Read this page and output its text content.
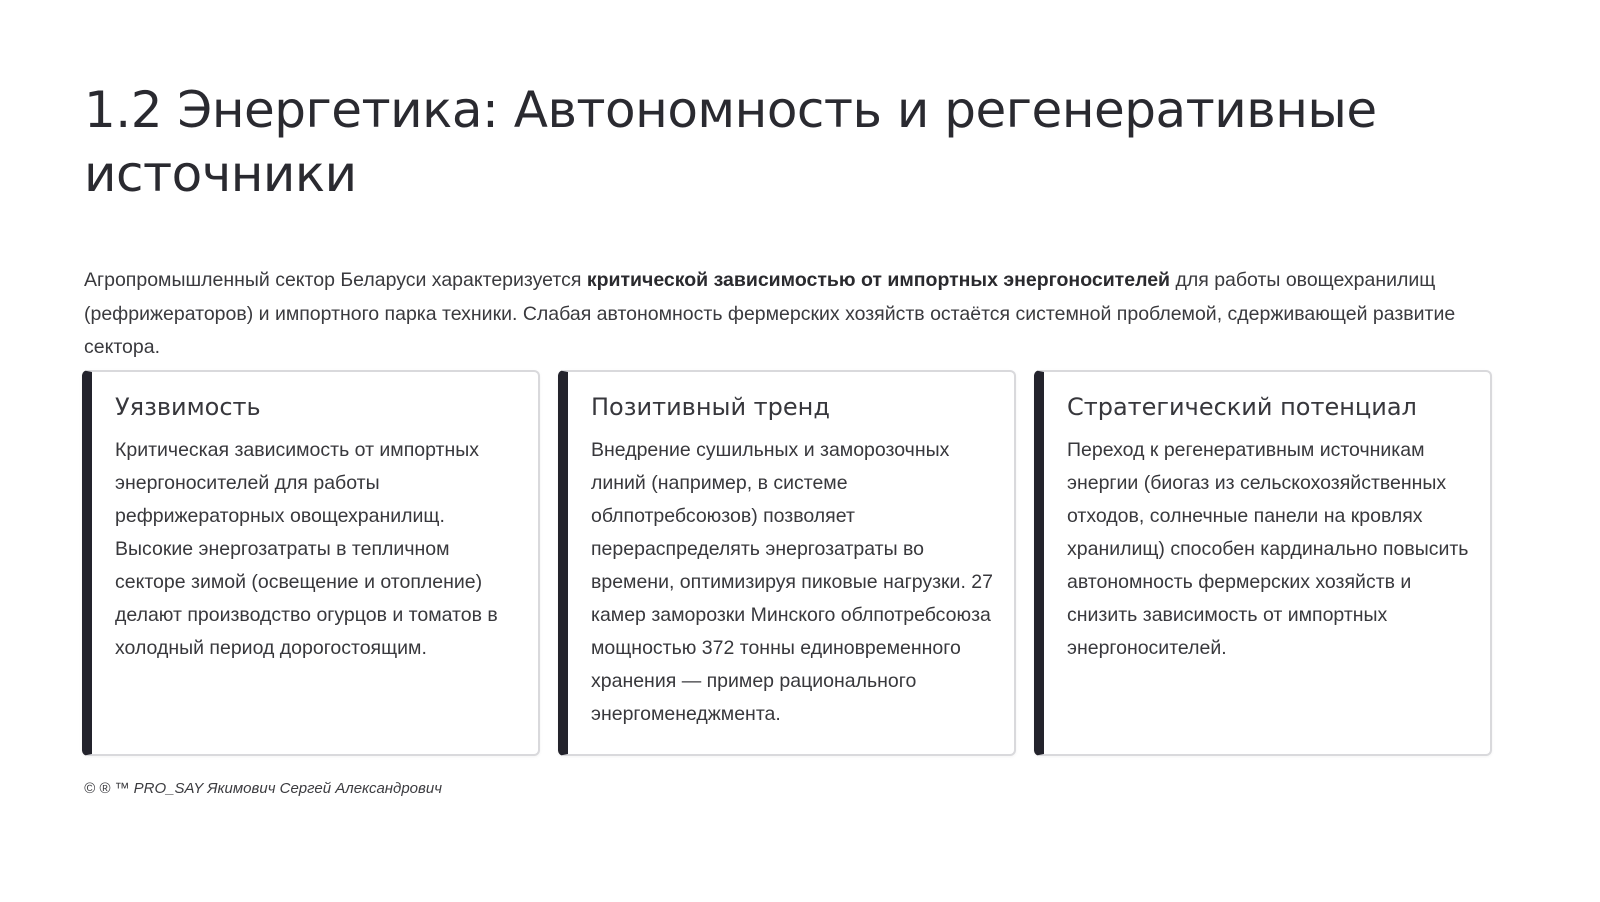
1.2 Энергетика: Автономность и регенеративные источники

Агропромышленный сектор Беларуси характеризуется критической зависимостью от импортных энергоносителей для работы овощехранилищ (рефрижераторов) и импортного парка техники. Слабая автономность фермерских хозяйств остаётся системной проблемой, сдерживающей развитие сектора.

Уязвимость

Критическая зависимость от импортных энергоносителей для работы рефрижераторных овощехранилищ. Высокие энергозатраты в тепличном секторе зимой (освещение и отопление) делают производство огурцов и томатов в холодный период дорогостоящим.

Позитивный тренд

Внедрение сушильных и заморозочных линий (например, в системе облпотребсоюзов) позволяет перераспределять энергозатраты во времени, оптимизируя пиковые нагрузки. 27 камер заморозки Минского облпотребсоюза мощностью 372 тонны единовременного хранения — пример рационального энергоменеджмента.

Стратегический потенциал

Переход к регенеративным источникам энергии (биогаз из сельскохозяйственных отходов, солнечные панели на кровлях хранилищ) способен кардинально повысить автономность фермерских хозяйств и снизить зависимость от импортных энергоносителей.

© ® ™ PRO_SAY Якимович Сергей Александрович
